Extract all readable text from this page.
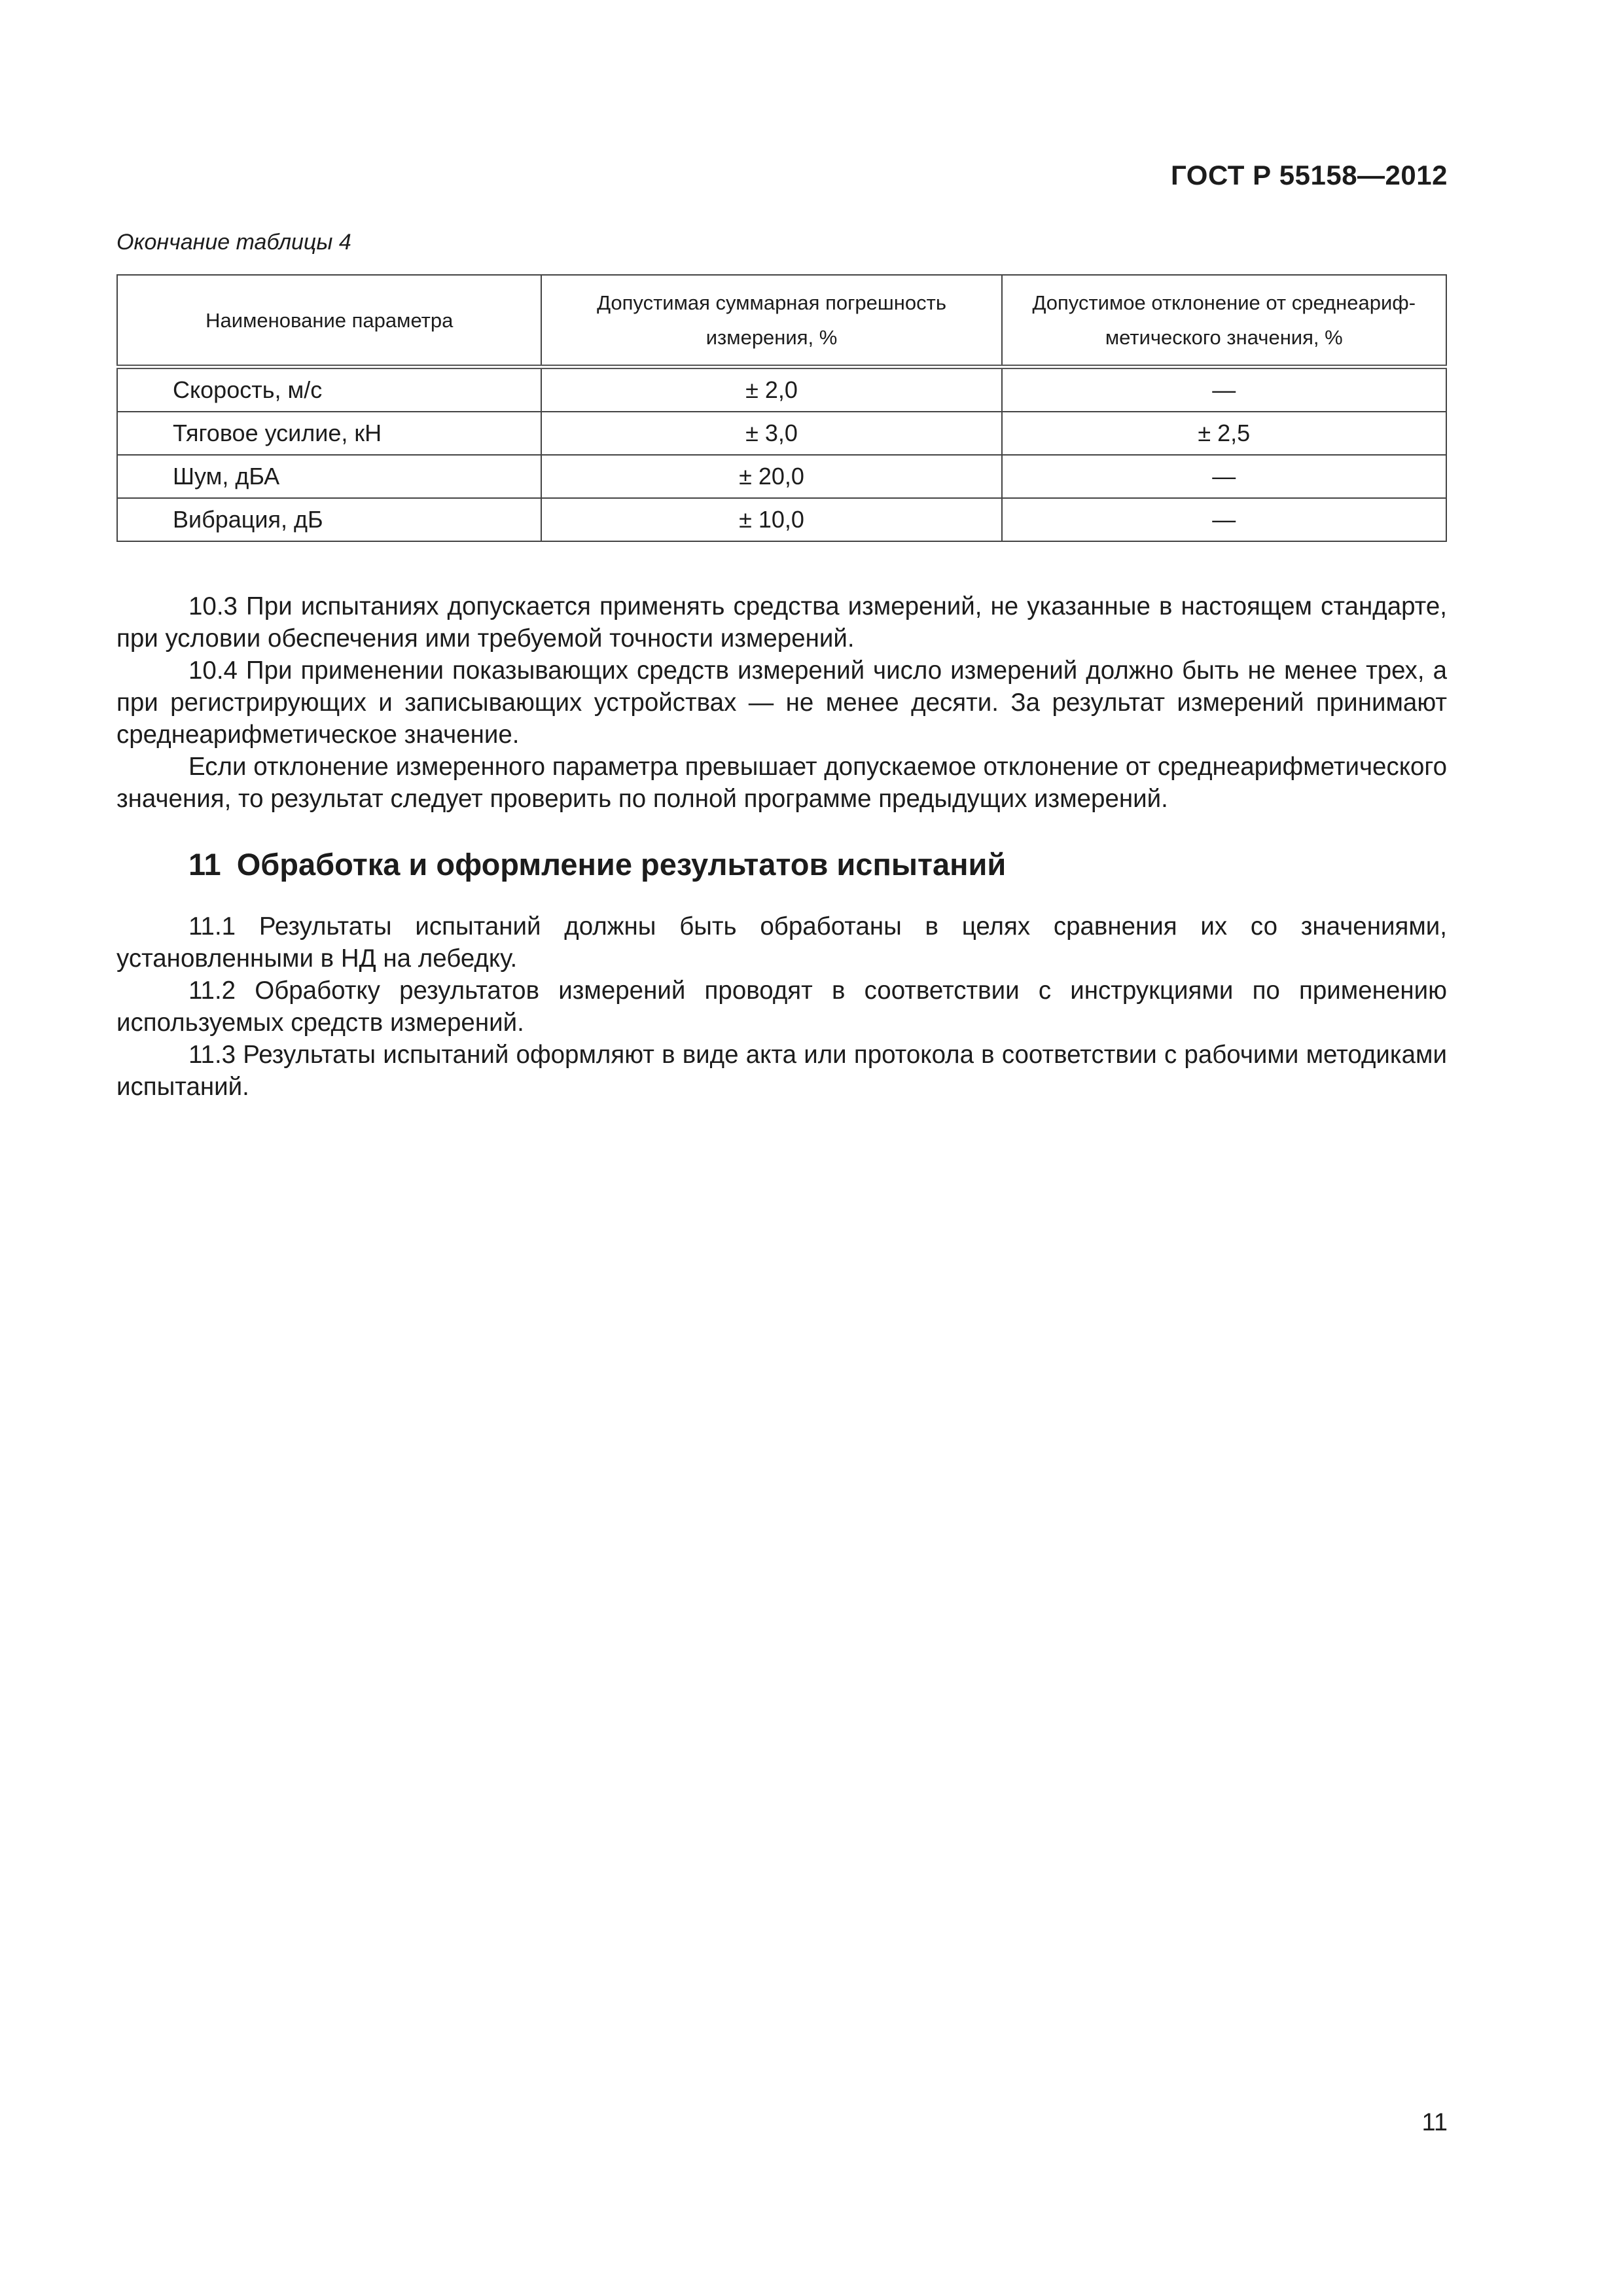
ГОСТ Р 55158—2012
Окончание таблицы 4
Наименование параметра	Допустимая суммарная погрешность измерения, %	Допустимое отклонение от среднеариф-метического значения, %
Скорость, м/с	± 2,0	—
Тяговое усилие, кН	± 3,0	± 2,5
Шум, дБА	± 20,0	—
Вибрация, дБ	± 10,0	—

10.3 При испытаниях допускается применять средства измерений, не указанные в настоящем стандарте, при условии обеспечения ими требуемой точности измерений.

10.4 При применении показывающих средств измерений число измерений должно быть не менее трех, а при регистрирующих и записывающих устройствах — не менее десяти. За результат измерений принимают среднеарифметическое значение.

Если отклонение измеренного параметра превышает допускаемое отклонение от среднеарифметического значения, то результат следует проверить по полной программе предыдущих измерений.

11 Обработка и оформление результатов испытаний

11.1 Результаты испытаний должны быть обработаны в целях сравнения их со значениями, установленными в НД на лебедку.

11.2 Обработку результатов измерений проводят в соответствии с инструкциями по применению используемых средств измерений.

11.3 Результаты испытаний оформляют в виде акта или протокола в соответствии с рабочими методиками испытаний.

11
